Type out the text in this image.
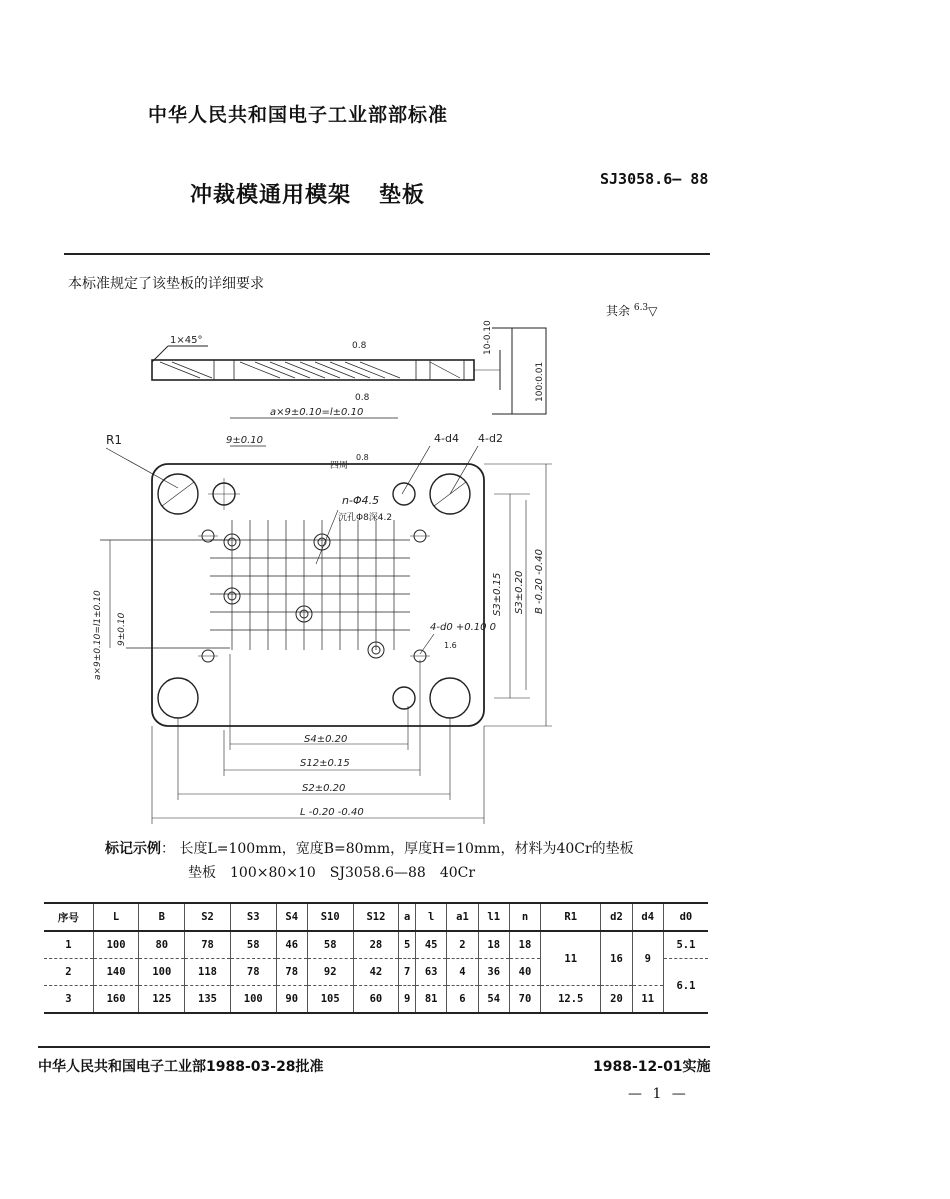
中华人民共和国电子工业部部标准
冲裁模通用模架 垫板
SJ3058.6— 88
本标准规定了该垫板的详细要求
其余 $^{6.3}$▽
1×45°	0.8
0.8
10-0.10
100:0.01
a×9±0.10=l±0.10
9±0.10
R1
四周
0.8
4-d4 4-d2
n-Φ4.5
沉孔Φ8深4.2
a×9±0.10=l1±0.10 9±0.10
S3±0.15 S3±0.20 B -0.20 -0.40
4-d0 +0.10 0
1.6
S4±0.20
S12±0.15
S2±0.20
L -0.20 -0.40
标记示例： 长度L=100mm，宽度B=80mm，厚度H=10mm，材料为40Cr的垫板
垫板　100×80×10　SJ3058.6—88　40Cr
序号	L	B	S2	S3	S4	S10	S12	a	l	a1	l1	n	R1	d2	d4	d0
1	100	80	78	58	46	58	28	5	45	2	18	18	11	16	9	5.1
2	140	100	118	78	78	92	42	7	63	4	36	40				6.1
3	160	125	135	100	90	105	60	9	81	6	54	70	12.5	20	11	
中华人民共和国电子工业部1988-03-28批准	1988-12-01实施
— 1 —
